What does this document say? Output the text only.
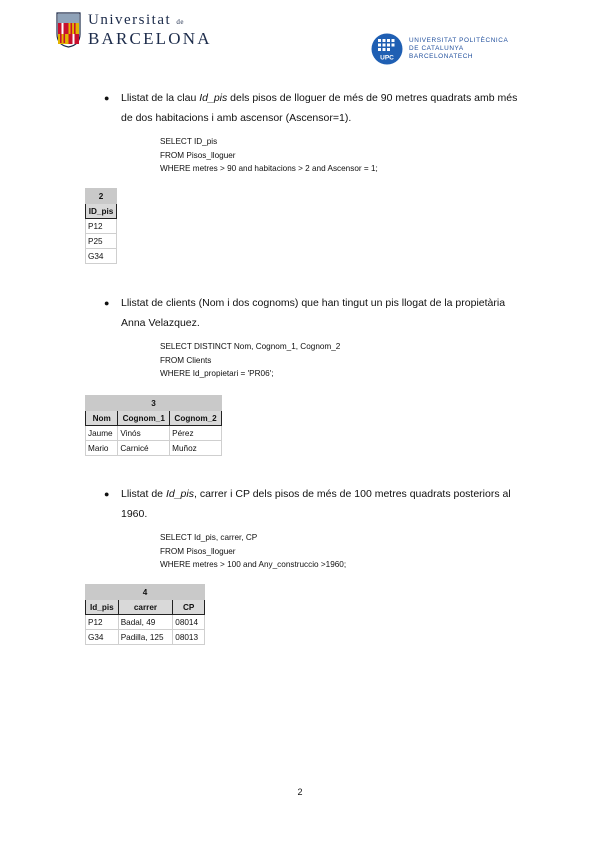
Universitat de
BARCELONA
UPC
UNIVERSITAT POLITÈCNICA
DE CATALUNYA
BARCELONATECH
●	Llistat de la clau Id_pis dels pisos de lloguer de més de 90 metres quadrats amb més de dos habitacions i amb ascensor (Ascensor=1).
SELECT ID_pis
FROM Pisos_lloguer
WHERE metres > 90 and habitacions > 2 and Ascensor = 1;
2
ID_pis
P12
P25
G34
●	Llistat de clients (Nom i dos cognoms) que han tingut un pis llogat de la propietària Anna Velazquez.
SELECT DISTINCT Nom, Cognom_1, Cognom_2
FROM Clients
WHERE Id_propietari = 'PR06';
3		
Nom	Cognom_1	Cognom_2
Jaume	Vinós	Pérez
Mario	Carnicé	Muñoz
●	Llistat de Id_pis, carrer i CP dels pisos de més de 100 metres quadrats posteriors al 1960.
SELECT Id_pis, carrer, CP
FROM Pisos_lloguer
WHERE metres > 100 and Any_construccio >1960;
4		
Id_pis	carrer	CP
P12	Badal, 49	08014
G34	Padilla, 125	08013
2
